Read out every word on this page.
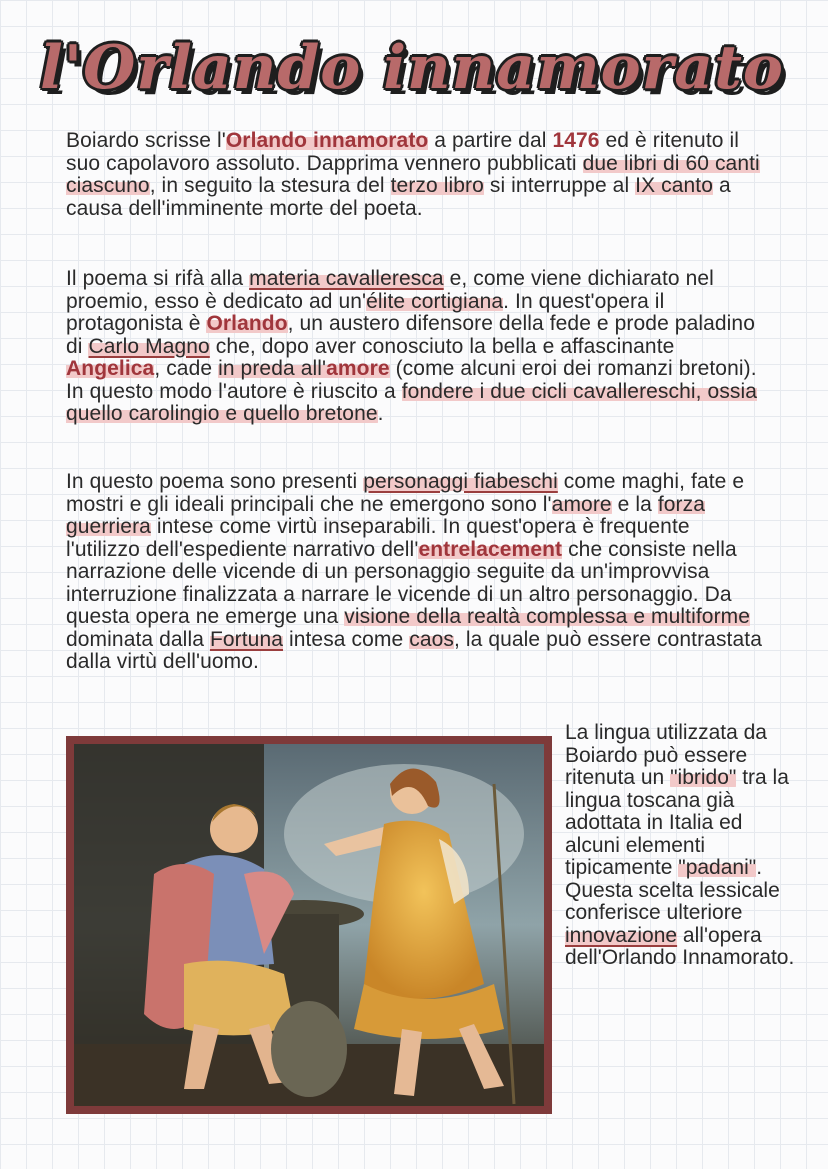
l'Orlando innamorato
Boiardo scrisse l'Orlando innamorato a partire dal 1476 ed è ritenuto il suo capolavoro assoluto. Dapprima vennero pubblicati due libri di 60 canti ciascuno, in seguito la stesura del terzo libro si interruppe al IX canto a causa dell'imminente morte del poeta.
Il poema si rifà alla materia cavalleresca e, come viene dichiarato nel proemio, esso è dedicato ad un'élite cortigiana. In quest'opera il protagonista è Orlando, un austero difensore della fede e prode paladino di Carlo Magno che, dopo aver conosciuto la bella e affascinante Angelica, cade in preda all'amore (come alcuni eroi dei romanzi bretoni). In questo modo l'autore è riuscito a fondere i due cicli cavallereschi, ossia quello carolingio e quello bretone.
In questo poema sono presenti personaggi fiabeschi come maghi, fate e mostri e gli ideali principali che ne emergono sono l'amore e la forza guerriera intese come virtù inseparabili. In quest'opera è frequente l'utilizzo dell'espediente narrativo dell'entrelacement che consiste nella narrazione delle vicende di un personaggio seguite da un'improvvisa interruzione finalizzata a narrare le vicende di un altro personaggio. Da questa opera ne emerge una visione della realtà complessa e multiforme dominata dalla Fortuna intesa come caos, la quale può essere contrastata dalla virtù dell'uomo.
La lingua utilizzata da Boiardo può essere ritenuta un "ibrido" tra la lingua toscana già adottata in Italia ed alcuni elementi tipicamente "padani". Questa scelta lessicale conferisce ulteriore innovazione all'opera dell'Orlando Innamorato.
